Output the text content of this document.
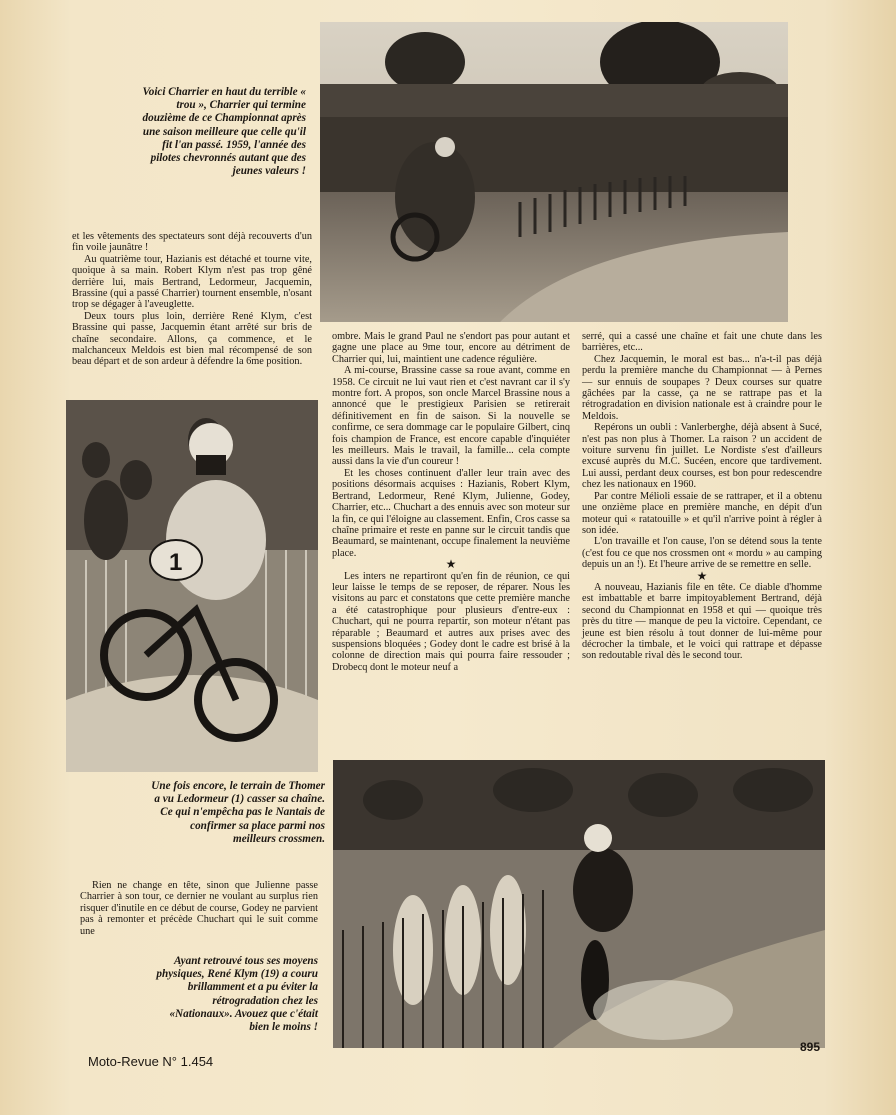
Voici Charrier en haut du terrible « trou », Charrier qui termine douzième de ce Championnat après une saison meilleure que celle qu'il fit l'an passé. 1959, l'année des pilotes chevronnés autant que des jeunes valeurs !

et les vêtements des spectateurs sont déjà recouverts d'un fin voile jaunâtre !

Au quatrième tour, Hazianis est détaché et tourne vite, quoique à sa main. Robert Klym n'est pas trop gêné derrière lui, mais Bertrand, Ledormeur, Jacquemin, Brassine (qui a passé Charrier) tournent ensemble, n'osant trop se dégager à l'aveuglette.

Deux tours plus loin, derrière René Klym, c'est Brassine qui passe, Jacquemin étant arrêté sur bris de chaîne secondaire. Allons, ça commence, et le malchanceux Meldois est bien mal récompensé de son beau départ et de son ardeur à défendre la 6me position.

1
Une fois encore, le terrain de Thomer a vu Ledormeur (1) casser sa chaîne. Ce qui n'empêcha pas le Nantais de confirmer sa place parmi nos meilleurs crossmen.

Rien ne change en tête, sinon que Julienne passe Charrier à son tour, ce dernier ne voulant au surplus rien risquer d'inutile en ce début de course, Godey ne parvient pas à remonter et précède Chuchart qui le suit comme une

Ayant retrouvé tous ses moyens physiques, René Klym (19) a couru brillamment et a pu éviter la rétrogradation chez les «Nationaux». Avouez que c'était bien le moins !

ombre. Mais le grand Paul ne s'endort pas pour autant et gagne une place au 9me tour, encore au détriment de Charrier qui, lui, maintient une cadence régulière.

A mi-course, Brassine casse sa roue avant, comme en 1958. Ce circuit ne lui vaut rien et c'est navrant car il s'y montre fort. A propos, son oncle Marcel Brassine nous a annoncé que le prestigieux Parisien se retirerait définitivement en fin de saison. Si la nouvelle se confirme, ce sera dommage car le populaire Gilbert, cinq fois champion de France, est encore capable d'inquiéter les meilleurs. Mais le travail, la famille... cela compte aussi dans la vie d'un coureur !

Et les choses continuent d'aller leur train avec des positions désormais acquises : Hazianis, Robert Klym, Bertrand, Ledormeur, René Klym, Julienne, Godey, Charrier, etc... Chuchart a des ennuis avec son moteur sur la fin, ce qui l'éloigne au classement. Enfin, Cros casse sa chaîne primaire et reste en panne sur le circuit tandis que Beaumard, se maintenant, occupe finalement la neuvième place.

★

Les inters ne repartiront qu'en fin de réunion, ce qui leur laisse le temps de se reposer, de réparer. Nous les visitons au parc et constatons que cette première manche a été catastrophique pour plusieurs d'entre-eux : Chuchart, qui ne pourra repartir, son moteur n'étant pas réparable ; Beaumard et autres aux prises avec des suspensions bloquées ; Godey dont le cadre est brisé à la colonne de direction mais qui pourra faire ressouder ; Drobecq dont le moteur neuf a

serré, qui a cassé une chaîne et fait une chute dans les barrières, etc...

Chez Jacquemin, le moral est bas... n'a-t-il pas déjà perdu la première manche du Championnat — à Pernes — sur ennuis de soupapes ? Deux courses sur quatre gâchées par la casse, ça ne se rattrape pas et la rétrogradation en division nationale est à craindre pour le Meldois.

Repérons un oubli : Vanlerberghe, déjà absent à Sucé, n'est pas non plus à Thomer. La raison ? un accident de voiture survenu fin juillet. Le Nordiste s'est d'ailleurs excusé auprès du M.C. Sucéen, encore que tardivement. Lui aussi, perdant deux courses, est bon pour redescendre chez les nationaux en 1960.

Par contre Mélioli essaie de se rattraper, et il a obtenu une onzième place en première manche, en dépit d'un moteur qui « ratatouille » et qu'il n'arrive point à régler à son idée.

L'on travaille et l'on cause, l'on se détend sous la tente (c'est fou ce que nos crossmen ont « mordu » au camping depuis un an !). Et l'heure arrive de se remettre en selle.

★

A nouveau, Hazianis file en tête. Ce diable d'homme est imbattable et barre impitoyablement Bertrand, déjà second du Championnat en 1958 et qui — quoique très près du titre — manque de peu la victoire. Cependant, ce jeune est bien résolu à tout donner de lui-même pour décrocher la timbale, et le voici qui rattrape et dépasse son redoutable rival dès le second tour.

Moto-Revue N° 1.454
895
